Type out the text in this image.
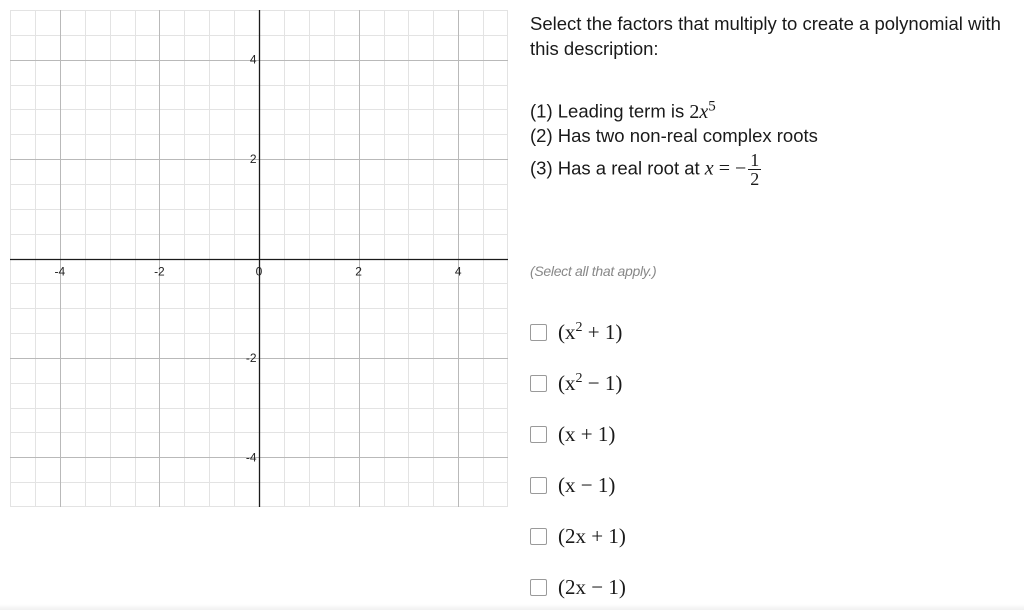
-4	-2	0	2	4
4
2
-2
-4

Select the factors that multiply to create a polynomial with this description:

(1) Leading term is $2x^5$
(2) Has two non-real complex roots
(3) Has a real root at x = − $\frac{1}{2}$
(Select all that apply.)
$(x^2 + 1)$
$(x^2 - 1)$
(x + 1)
(x − 1)
(2x + 1)
(2x − 1)
